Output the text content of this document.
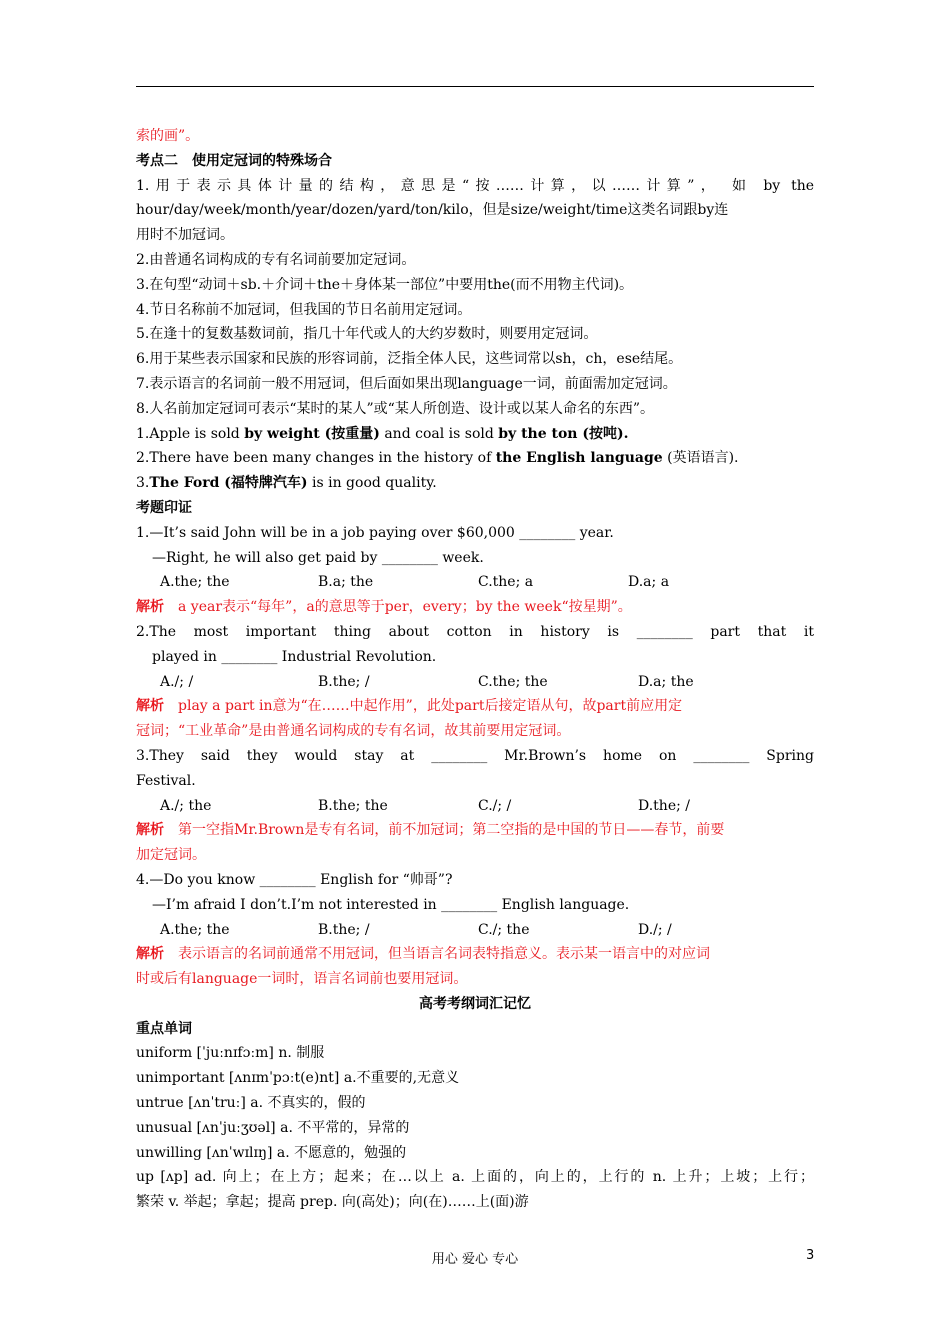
索的画”。
考点二　使用定冠词的特殊场合
1.用于表示具体计量的结构，意思是“按……计算，以……计算”， 如 by the
hour/day/week/month/year/dozen/yard/ton/kilo，但是size/weight/time这类名词跟by连
用时不加冠词。
2.由普通名词构成的专有名词前要加定冠词。
3.在句型“动词＋sb.＋介词＋the＋身体某一部位”中要用the(而不用物主代词)。
4.节日名称前不加冠词，但我国的节日名前用定冠词。
5.在逢十的复数基数词前，指几十年代或人的大约岁数时，则要用定冠词。
6.用于某些表示国家和民族的形容词前，泛指全体人民，这些词常以sh，ch，ese结尾。
7.表示语言的名词前一般不用冠词，但后面如果出现language一词，前面需加定冠词。
8.人名前加定冠词可表示“某时的某人”或“某人所创造、设计或以某人命名的东西”。
1.Apple is sold by weight (按重量) and coal is sold by the ton (按吨).
2.There have been many changes in the history of the English language (英语语言).
3.The Ford (福特牌汽车) is in good quality.
考题印证
1.—It’s said John will be in a job paying over $60,000 ________ year.
—Right, he will also get paid by ________ week.
A.the; the	B.a; the	C.the; a	D.a; a
解析　a year表示“每年”，a的意思等于per，every；by the week“按星期”。
2.The most important thing about cotton in history is ________ part that it
played in ________ Industrial Revolution.
A./; /	B.the; /	C.the; the	D.a; the
解析　play a part in意为“在……中起作用”，此处part后接定语从句，故part前应用定
冠词；“工业革命”是由普通名词构成的专有名词，故其前要用定冠词。
3.They said they would stay at ________ Mr.Brown’s home on ________ Spring
Festival.
A./; the	B.the; the	C./; /	D.the; /
解析　第一空指Mr.Brown是专有名词，前不加冠词；第二空指的是中国的节日——春节，前要
加定冠词。
4.—Do you know ________ English for “帅哥”?
—I’m afraid I don’t.I’m not interested in ________ English language.
A.the; the	B.the; /	C./; the	D./; /
解析　表示语言的名词前通常不用冠词，但当语言名词表特指意义。表示某一语言中的对应词
时或后有language一词时，语言名词前也要用冠词。
高考考纲词汇记忆
重点单词
uniform [ˈjuːnɪfɔːm] n. 制服
unimportant [ʌnɪmˈpɔːt(e)nt] a.不重要的,无意义
untrue [ʌnˈtruː] a. 不真实的，假的
unusual [ʌnˈjuːʒʊəl] a. 不平常的，异常的
unwilling [ʌnˈwɪlɪŋ] a. 不愿意的，勉强的
up [ʌp] ad. 向上；在上方；起来；在…以上 a. 上面的，向上的，上行的 n. 上升；上坡；上行；
繁荣 v. 举起；拿起；提高 prep. 向(高处)；向(在)……上(面)游
用心 爱心 专心	3
